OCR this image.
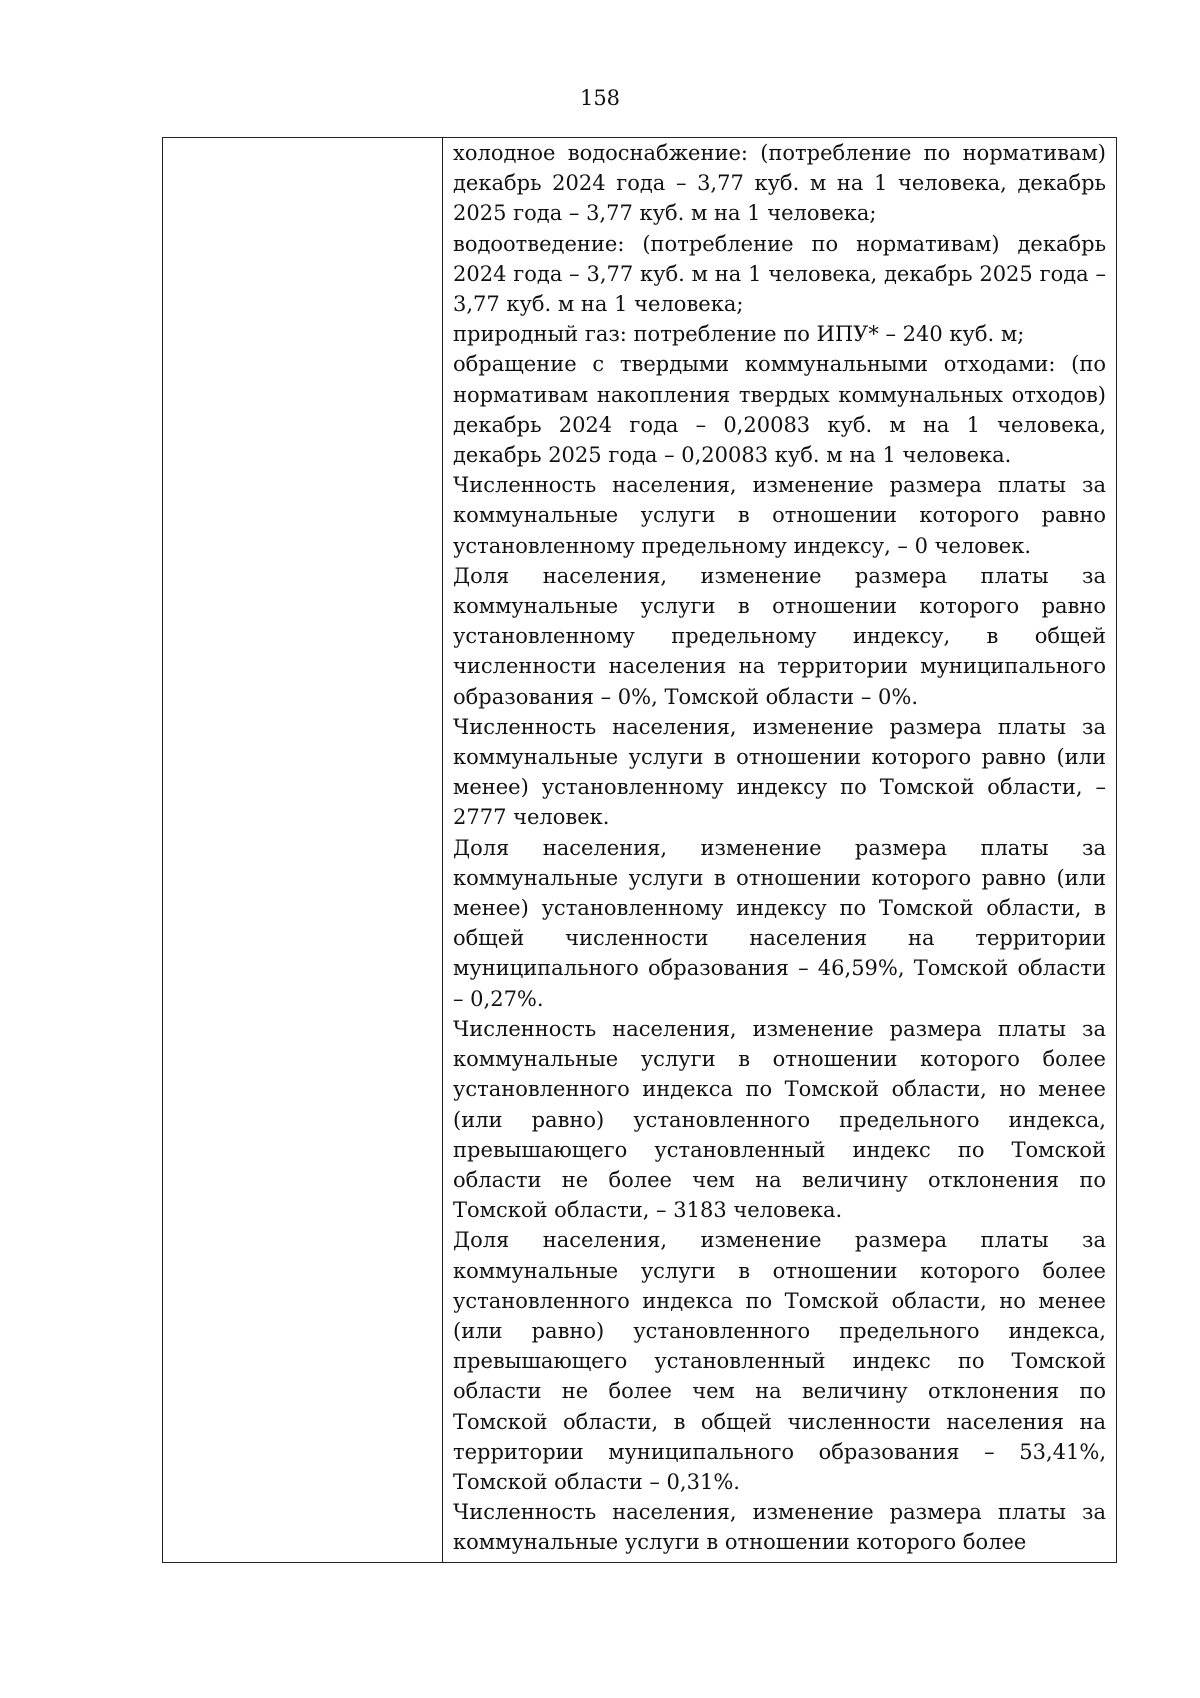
158

холодное водоснабжение: (потребление по нормативам) декабрь 2024 года – 3,77 куб. м на 1 человека, декабрь 2025 года – 3,77 куб. м на 1 человека;

водоотведение: (потребление по нормативам) декабрь 2024 года – 3,77 куб. м на 1 человека, декабрь 2025 года – 3,77 куб. м на 1 человека;

природный газ: потребление по ИПУ* – 240 куб. м;

обращение с твердыми коммунальными отходами: (по нормативам накопления твердых коммунальных отходов) декабрь 2024 года – 0,20083 куб. м на 1 человека, декабрь 2025 года – 0,20083 куб. м на 1 человека.

Численность населения, изменение размера платы за коммунальные услуги в отношении которого равно установленному предельному индексу, – 0 человек.

Доля населения, изменение размера платы за коммунальные услуги в отношении которого равно установленному предельному индексу, в общей численности населения на территории муниципального образования – 0%, Томской области – 0%.

Численность населения, изменение размера платы за коммунальные услуги в отношении которого равно (или менее) установленному индексу по Томской области, – 2777 человек.

Доля населения, изменение размера платы за коммунальные услуги в отношении которого равно (или менее) установленному индексу по Томской области, в общей численности населения на территории муниципального образования – 46,59%, Томской области – 0,27%.

Численность населения, изменение размера платы за коммунальные услуги в отношении которого более установленного индекса по Томской области, но менее (или равно) установленного предельного индекса, превышающего установленный индекс по Томской области не более чем на величину отклонения по Томской области, – 3183 человека.

Доля населения, изменение размера платы за коммунальные услуги в отношении которого более установленного индекса по Томской области, но менее (или равно) установленного предельного индекса, превышающего установленный индекс по Томской области не более чем на величину отклонения по Томской области, в общей численности населения на территории муниципального образования – 53,41%, Томской области – 0,31%.

Численность населения, изменение размера платы за коммунальные услуги в отношении которого более
